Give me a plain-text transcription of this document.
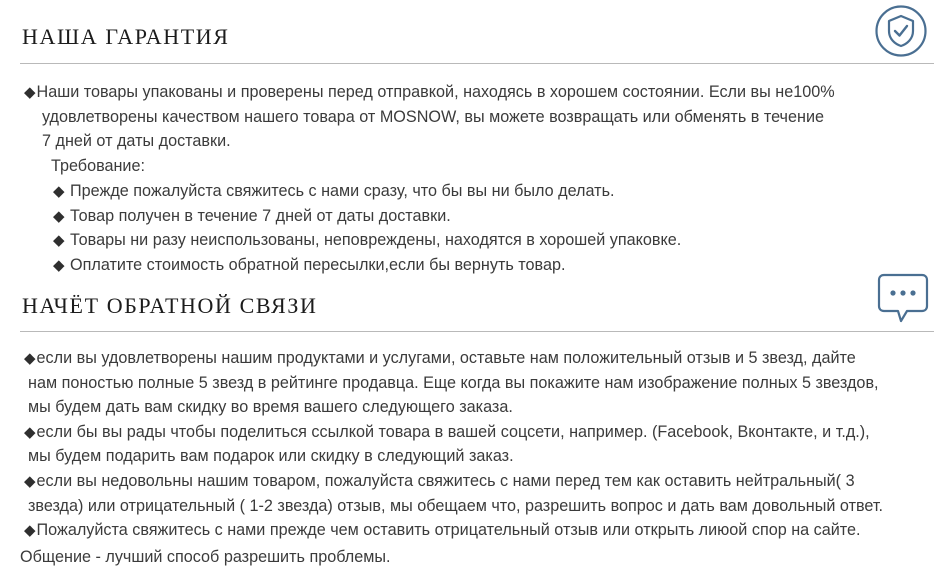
НАША ГАРАНТИЯ
◆Наши товары упакованы и проверены перед отправкой, находясь в хорошем состоянии. Если вы не100%
удовлетворены качеством нашего товара от MOSNOW, вы можете возвращать или обменять в течение
7 дней от даты доставки.
Требование:
◆ Прежде пожалуйста свяжитесь с нами сразу, что бы вы ни было делать.
◆ Товар получен в течение 7 дней от даты доставки.
◆ Товары ни разу неиспользованы, неповреждены, находятся в хорошей упаковке.
◆ Оплатите стоимость обратной пересылки,если бы вернуть товар.
НАЧЁТ ОБРАТНОЙ СВЯЗИ
◆если вы удовлетворены нашим продуктами и услугами, оставьте нам положительный отзыв и 5 звезд, дайте
нам понoстью полные 5 звезд в рейтинге продавца. Еще когда вы покажите нам изображение полных 5 звездов,
мы будем дать вам скидку во время вашего следующего заказа.
◆если бы вы рады чтобы поделиться ссылкой товара в вашей соцсети, например. (Facebook, Вконтакте, и т.д.),
мы будем подарить вам подарок или скидку в следующий заказ.
◆если вы недовольны нашим товаром, пожалуйста свяжитесь с нами перед тем как оставить нейтральный( 3
звезда) или отрицательный ( 1-2 звезда) отзыв, мы обещаем что, разрешить вопрос и дать вам довольный ответ.
◆Пожалуйста свяжитесь с нами прежде чем оставить отрицательный отзыв или открыть лиюой спор на сайте.
Общение - лучший способ разрешить проблемы.
